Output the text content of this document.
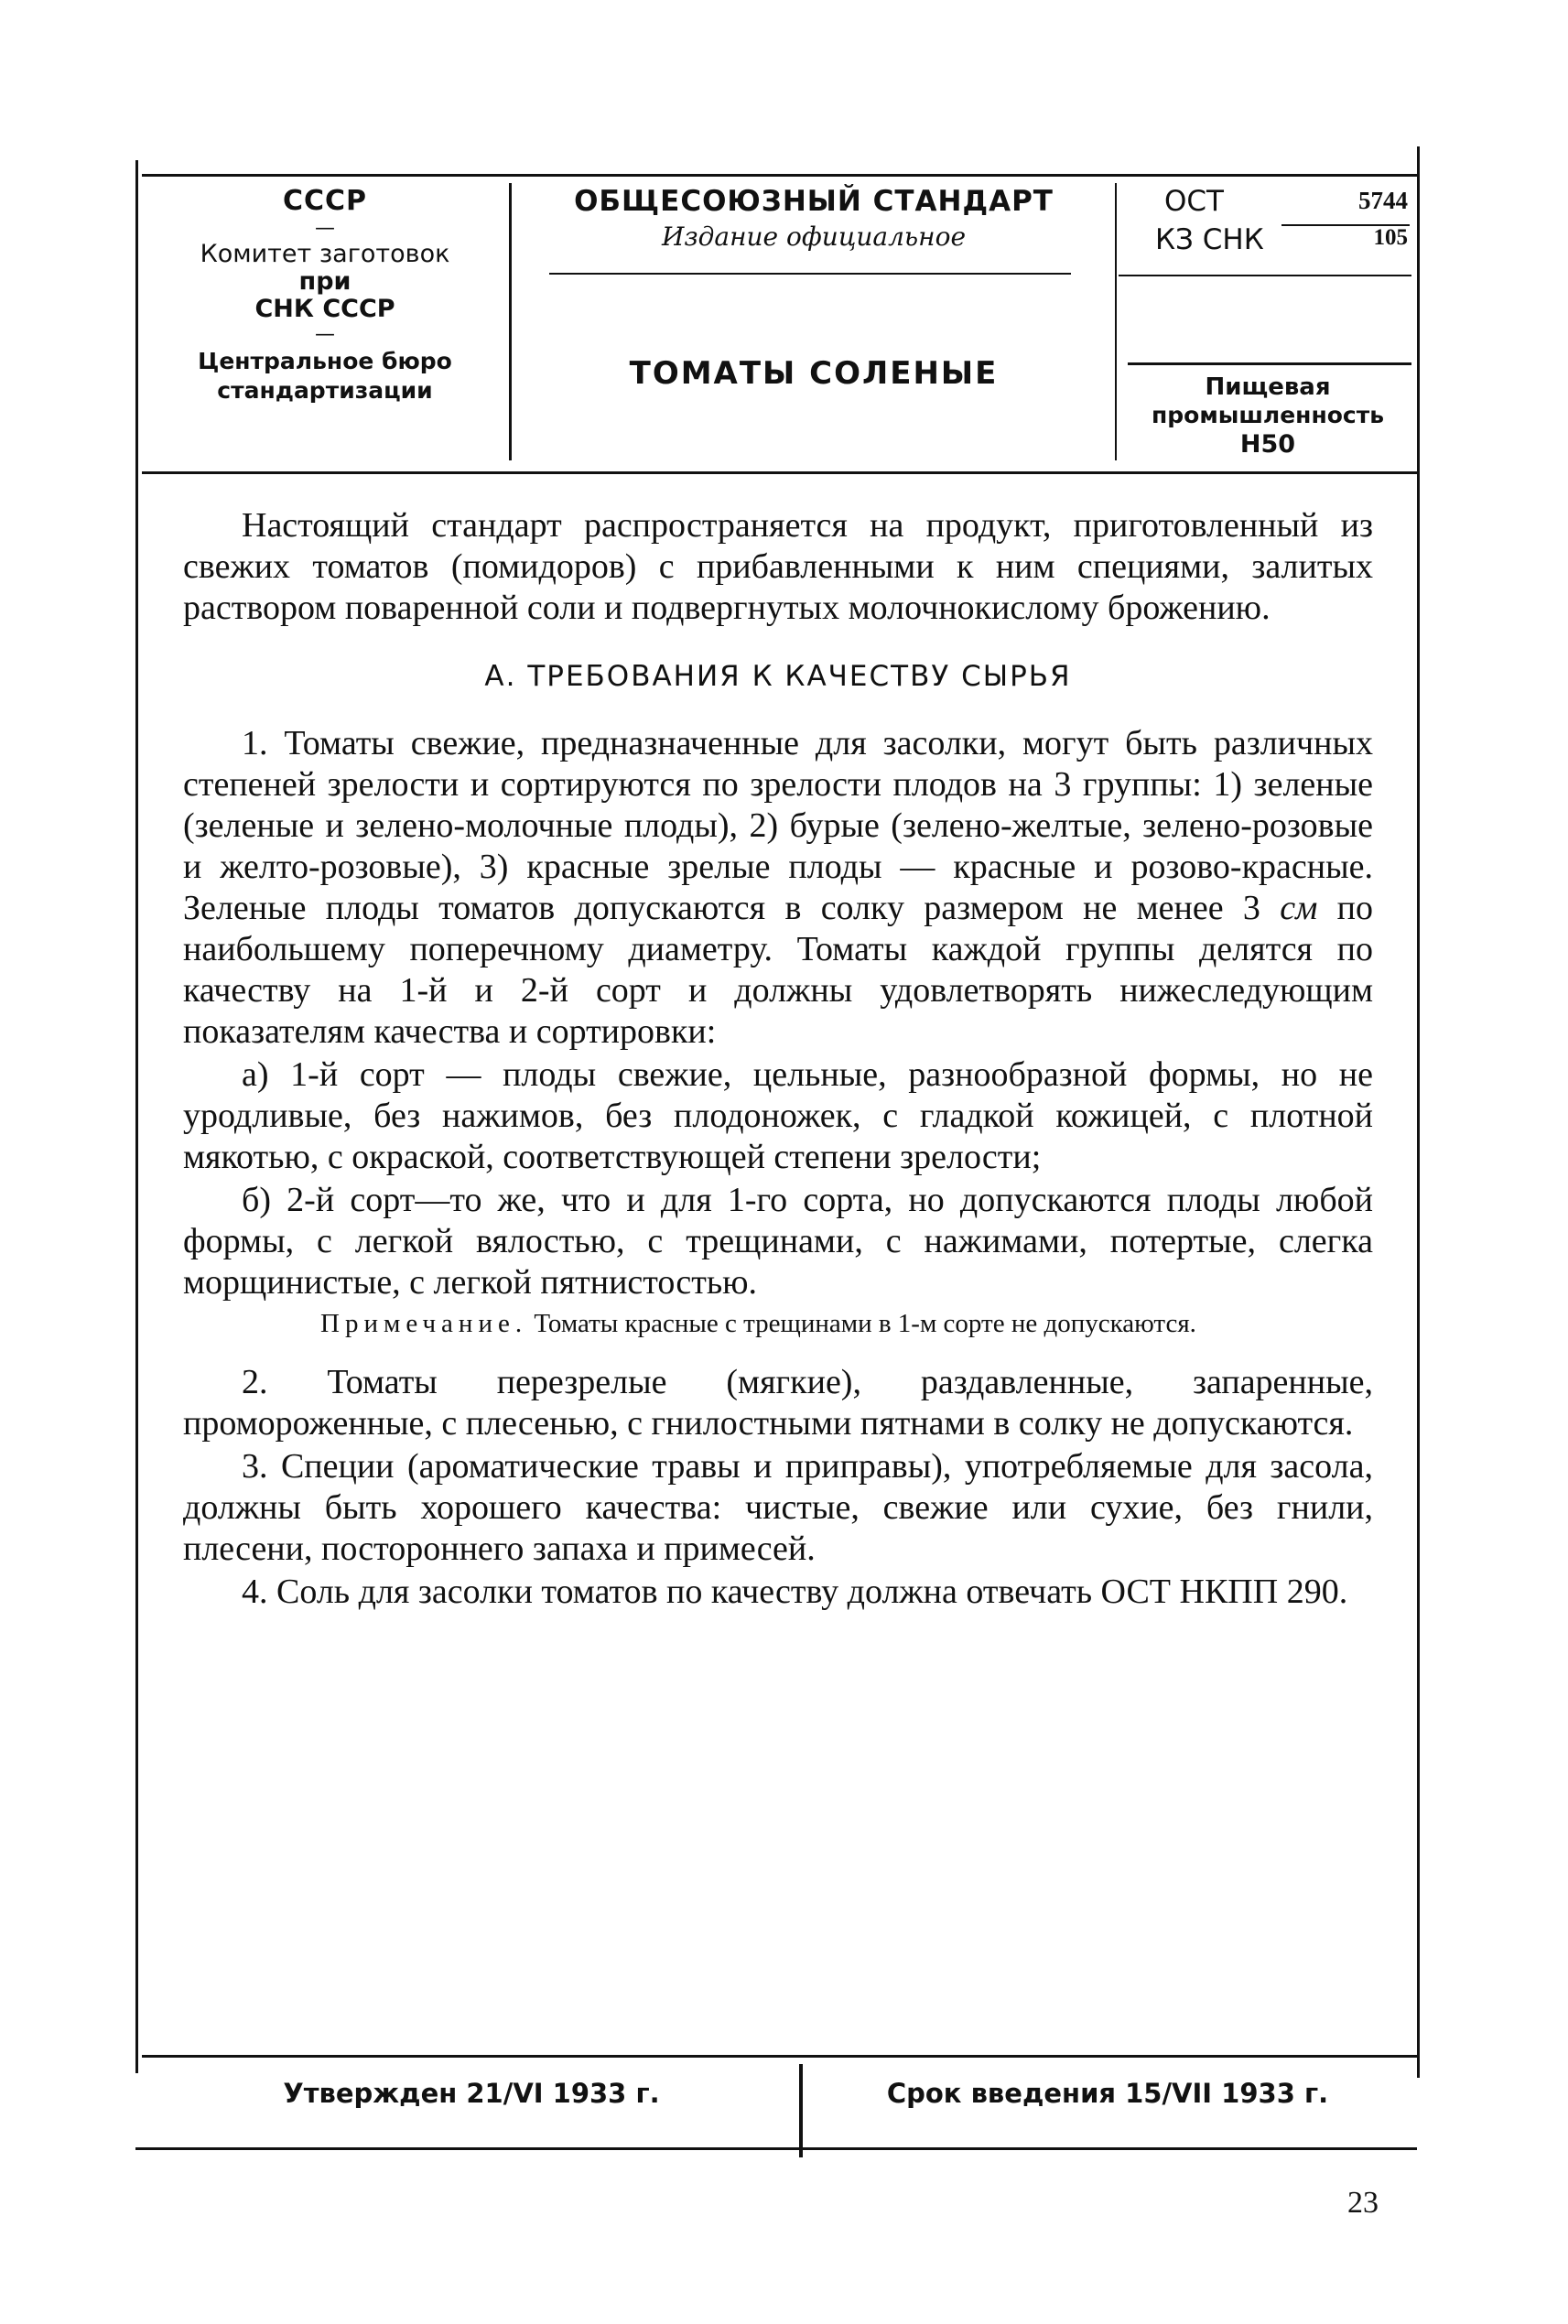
СССР
—
Комитет заготовок
при
СНК СССР
—
Центральное бюро
стандартизации
ОБЩЕСОЮЗНЫЙ СТАНДАРТ
Издание официальное
ТОМАТЫ СОЛЕНЫЕ
ОСТ	5744
КЗ СНК	105
Пищевая
промышленность
Н50

Настоящий стандарт распространяется на продукт, приготовленный из свежих томатов (помидоров) с прибавленными к ним специями, залитых раствором поваренной соли и подвергнутых молочнокислому брожению.

А. ТРЕБОВАНИЯ К КАЧЕСТВУ СЫРЬЯ

1. Томаты свежие, предназначенные для засолки, могут быть различных степеней зрелости и сортируются по зрелости плодов на 3 группы: 1) зеленые (зеленые и зелено-молочные плоды), 2) бурые (зелено-желтые, зелено-розовые и желто-розовые), 3) красные зрелые плоды — красные и розово-красные. Зеленые плоды томатов допускаются в солку размером не менее 3 см по наибольшему поперечному диаметру. Томаты каждой группы делятся по качеству на 1-й и 2-й сорт и должны удовлетворять нижеследующим показателям качества и сортировки:

а) 1-й сорт — плоды свежие, цельные, разнообразной формы, но не уродливые, без нажимов, без плодоножек, с гладкой кожицей, с плотной мякотью, с окраской, соответствующей степени зрелости;

б) 2-й сорт—то же, что и для 1-го сорта, но допускаются плоды любой формы, с легкой вялостью, с трещинами, с нажимами, потертые, слегка морщинистые, с легкой пятнистостью.

Примечание. Томаты красные с трещинами в 1-м сорте не допускаются.

2. Томаты перезрелые (мягкие), раздавленные, запаренные, промороженные, с плесенью, с гнилостными пятнами в солку не допускаются.

3. Специи (ароматические травы и приправы), употребляемые для засола, должны быть хорошего качества: чистые, свежие или сухие, без гнили, плесени, постороннего запаха и примесей.

4. Соль для засолки томатов по качеству должна отвечать ОСТ НКПП 290.

Утвержден 21/VI 1933 г.	Срок введения 15/VII 1933 г.
23
